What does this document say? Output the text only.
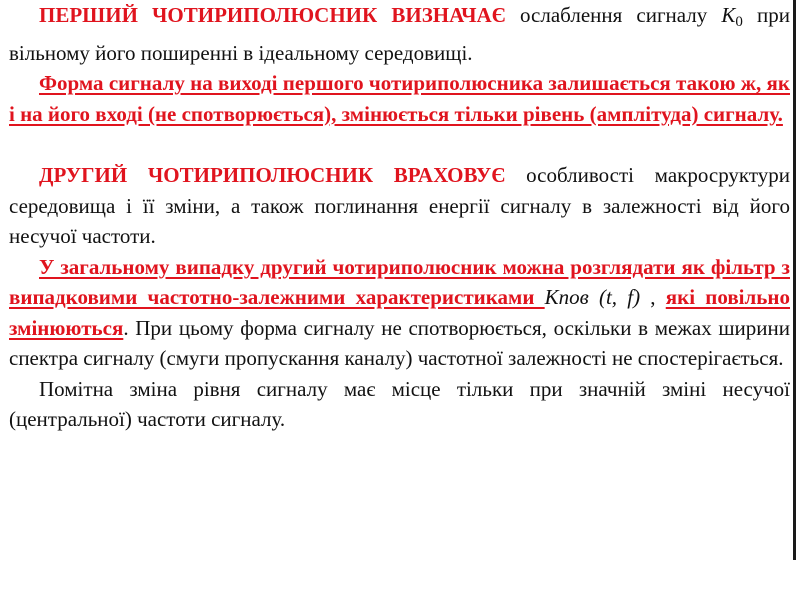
ПЕРШИЙ ЧОТИРИПОЛЮСНИК ВИЗНАЧАЄ ослаблення сигналу $K_0$ при вільному його поширенні в ідеальному середовищі.

Форма сигналу на виході першого чотириполюсника залишається такою ж, як і на його вході (не спотворюється), змінюється тільки рівень (амплітуда) сигналу.

ДРУГИЙ ЧОТИРИПОЛЮСНИК ВРАХОВУЄ особливості макросруктури середовища і її зміни, а також поглинання енергії сигналу в залежності від його несучої частоти.

У загальному випадку другий чотириполюсник можна розглядати як фільтр з випадковими частотно-залежними характеристиками Kпов (t, f) , які повільно змінюються. При цьому форма сигналу не спотворюється, оскільки в межах ширини спектра сигналу (смуги пропускання каналу) частотної залежності не спостерігається.

Помітна зміна рівня сигналу має місце тільки при значній зміні несучої (центральної) частоти сигналу.
